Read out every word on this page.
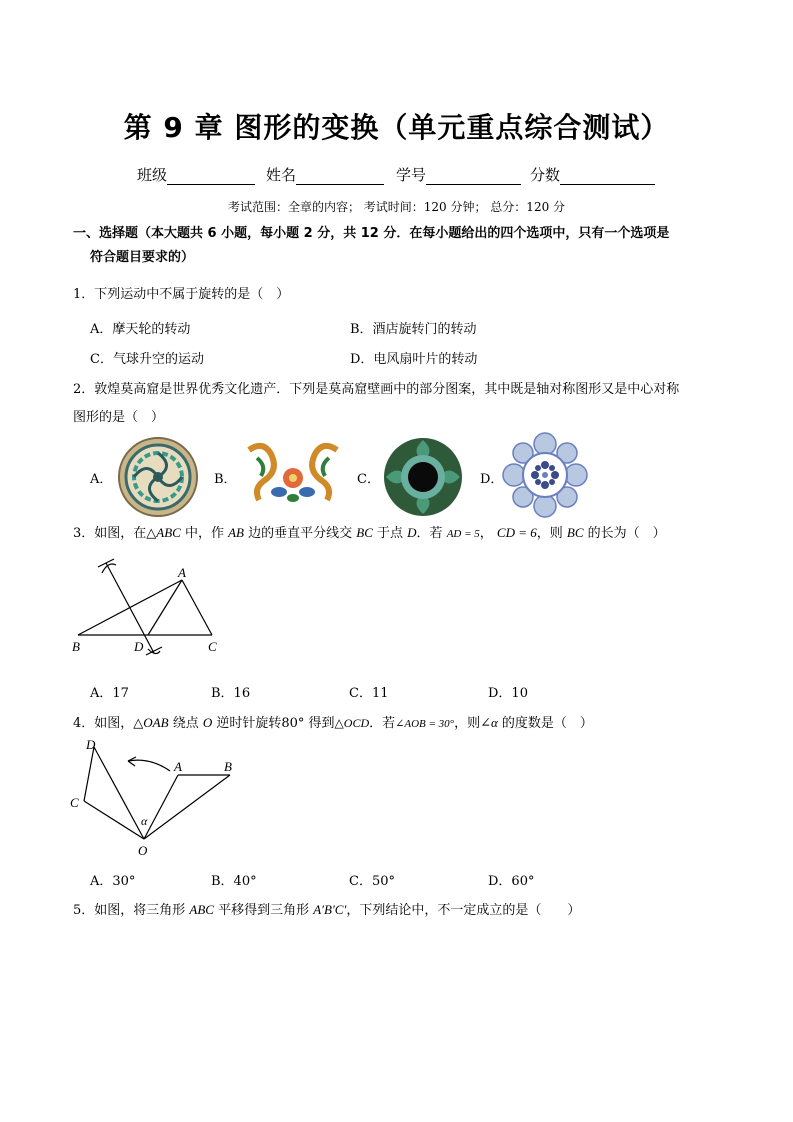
第 9 章 图形的变换（单元重点综合测试）
班级	姓名	学号	分数
考试范围：全章的内容； 考试时间：120 分钟； 总分：120 分
一、选择题（本大题共 6 小题，每小题 2 分，共 12 分．在每小题给出的四个选项中，只有一个选项是
符合题目要求的）
1．下列运动中不属于旋转的是（　）
A．摩天轮的转动	B．酒店旋转门的转动
C．气球升空的运动	D．电风扇叶片的转动
2．敦煌莫高窟是世界优秀文化遗产．下列是莫高窟壁画中的部分图案，其中既是轴对称图形又是中心对称
图形的是（　）
A．	B．	C．	D．
3．如图，在△ABC 中，作 AB 边的垂直平分线交 BC 于点 D．若 AD = 5， CD = 6，则 BC 的长为（　）
A
B	C
D
A．17	B．16	C．11	D．10
4．如图，△OAB 绕点 O 逆时针旋转80° 得到△OCD．若∠AOB = 30°，则∠α 的度数是（　）
D
A	B
C
O
α
A．30°	B．40°	C．50°	D．60°
5．如图，将三角形 ABC 平移得到三角形 A′B′C′，下列结论中，不一定成立的是（　　）
